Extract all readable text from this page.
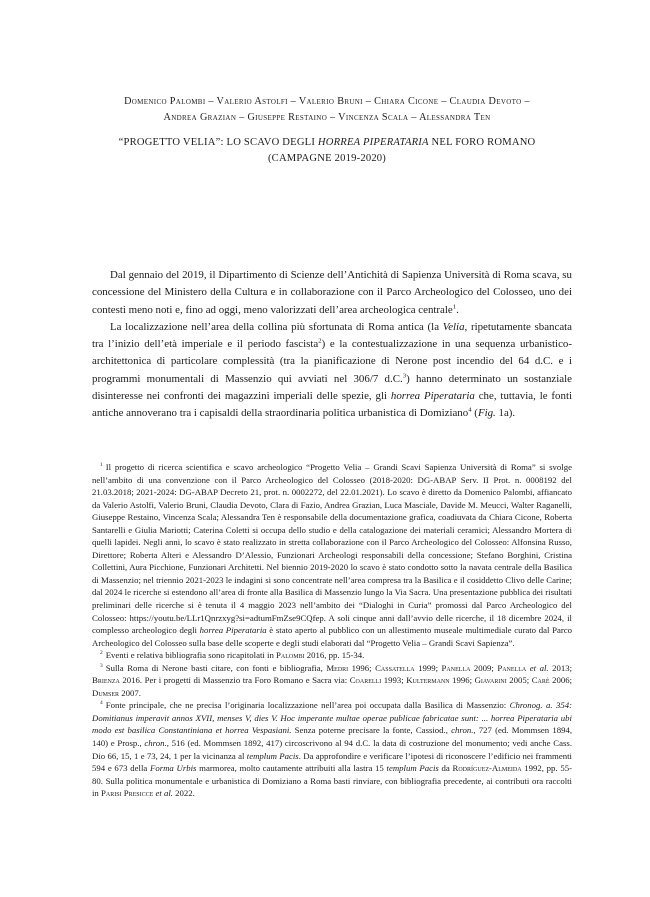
Domenico Palombi – Valerio Astolfi – Valerio Bruni – Chiara Cicone – Claudia Devoto –
Andrea Grazian – Giuseppe Restaino – Vincenza Scala – Alessandra Ten
“PROGETTO VELIA”: LO SCAVO DEGLI HORREA PIPERATARIA NEL FORO ROMANO
(CAMPAGNE 2019-2020)

Dal gennaio del 2019, il Dipartimento di Scienze dell’Antichità di Sapienza Università di Roma scava, su concessione del Ministero della Cultura e in collaborazione con il Parco Archeologico del Colosseo, uno dei contesti meno noti e, fino ad oggi, meno valorizzati dell’area archeologica centrale$^1$.

La localizzazione nell’area della collina più sfortunata di Roma antica (la Velia, ripetutamente sbancata tra l’inizio dell’età imperiale e il periodo fascista$^2$) e la contestualizzazione in una sequenza urbanistico-architettonica di particolare complessità (tra la pianificazione di Nerone post incendio del 64 d.C. e i programmi monumentali di Massenzio qui avviati nel 306/7 d.C.$^3$) hanno determinato un sostanziale disinteresse nei confronti dei magazzini imperiali delle spezie, gli horrea Piperataria che, tuttavia, le fonti antiche annoverano tra i capisaldi della straordinaria politica urbanistica di Domiziano$^4$ (Fig. 1a).

$^1$ Il progetto di ricerca scientifica e scavo archeologico “Progetto Velia – Grandi Scavi Sapienza Università di Roma” si svolge nell’ambito di una convenzione con il Parco Archeologico del Colosseo (2018-2020: DG-ABAP Serv. II Prot. n. 0008192 del 21.03.2018; 2021-2024: DG-ABAP Decreto 21, prot. n. 0002272, del 22.01.2021). Lo scavo è diretto da Domenico Palombi, affiancato da Valerio Astolfi, Valerio Bruni, Claudia Devoto, Clara di Fazio, Andrea Grazian, Luca Masciale, Davide M. Meucci, Walter Raganelli, Giuseppe Restaino, Vincenza Scala; Alessandra Ten è responsabile della documentazione grafica, coadiuvata da Chiara Cicone, Roberta Santarelli e Giulia Mariotti; Caterina Coletti si occupa dello studio e della catalogazione dei materiali ceramici; Alessandro Mortera di quelli lapidei. Negli anni, lo scavo è stato realizzato in stretta collaborazione con il Parco Archeologico del Colosseo: Alfonsina Russo, Direttore; Roberta Alteri e Alessandro D’Alessio, Funzionari Archeologi responsabili della concessione; Stefano Borghini, Cristina Collettini, Aura Picchione, Funzionari Architetti. Nel biennio 2019-2020 lo scavo è stato condotto sotto la navata centrale della Basilica di Massenzio; nel triennio 2021-2023 le indagini si sono concentrate nell’area compresa tra la Basilica e il cosiddetto Clivo delle Carine; dal 2024 le ricerche si estendono all’area di fronte alla Basilica di Massenzio lungo la Via Sacra. Una presentazione pubblica dei risultati preliminari delle ricerche si è tenuta il 4 maggio 2023 nell’ambito dei “Dialoghi in Curia” promossi dal Parco Archeologico del Colosseo: https://youtu.be/LLr1Qnrzxyg?si=adtumFmZse9CQfep. A soli cinque anni dall’avvio delle ricerche, il 18 dicembre 2024, il complesso archeologico degli horrea Piperataria è stato aperto al pubblico con un allestimento museale multimediale curato dal Parco Archeologico del Colosseo sulla base delle scoperte e degli studi elaborati dal “Progetto Velia – Grandi Scavi Sapienza”.

$^2$ Eventi e relativa bibliografia sono ricapitolati in Palombi 2016, pp. 15-34.

$^3$ Sulla Roma di Nerone basti citare, con fonti e bibliografia, Medri 1996; Cassatella 1999; Panella 2009; Panella et al. 2013; Brienza 2016. Per i progetti di Massenzio tra Foro Romano e Sacra via: Coarelli 1993; Kultermann 1996; Giavarini 2005; Carè 2006; Dumser 2007.

$^4$ Fonte principale, che ne precisa l’originaria localizzazione nell’area poi occupata dalla Basilica di Massenzio: Chronog. a. 354: Domitianus imperavit annos XVII, menses V, dies V. Hoc imperante multae operae publicae fabricatae sunt: ... horrea Piperataria ubi modo est basilica Constantiniana et horrea Vespasiani. Senza poterne precisare la fonte, Cassiod., chron., 727 (ed. Mommsen 1894, 140) e Prosp., chron., 516 (ed. Mommsen 1892, 417) circoscrivono al 94 d.C. la data di costruzione del monumento; vedi anche Cass. Dio 66, 15, 1 e 73, 24, 1 per la vicinanza al templum Pacis. Da approfondire e verificare l’ipotesi di riconoscere l’edificio nei frammenti 594 e 673 della Forma Urbis marmorea, molto cautamente attribuiti alla lastra 15 templum Pacis da Rodríguez-Almeida 1992, pp. 55-80. Sulla politica monumentale e urbanistica di Domiziano a Roma basti rinviare, con bibliografia precedente, ai contributi ora raccolti in Parisi Presicce et al. 2022.
